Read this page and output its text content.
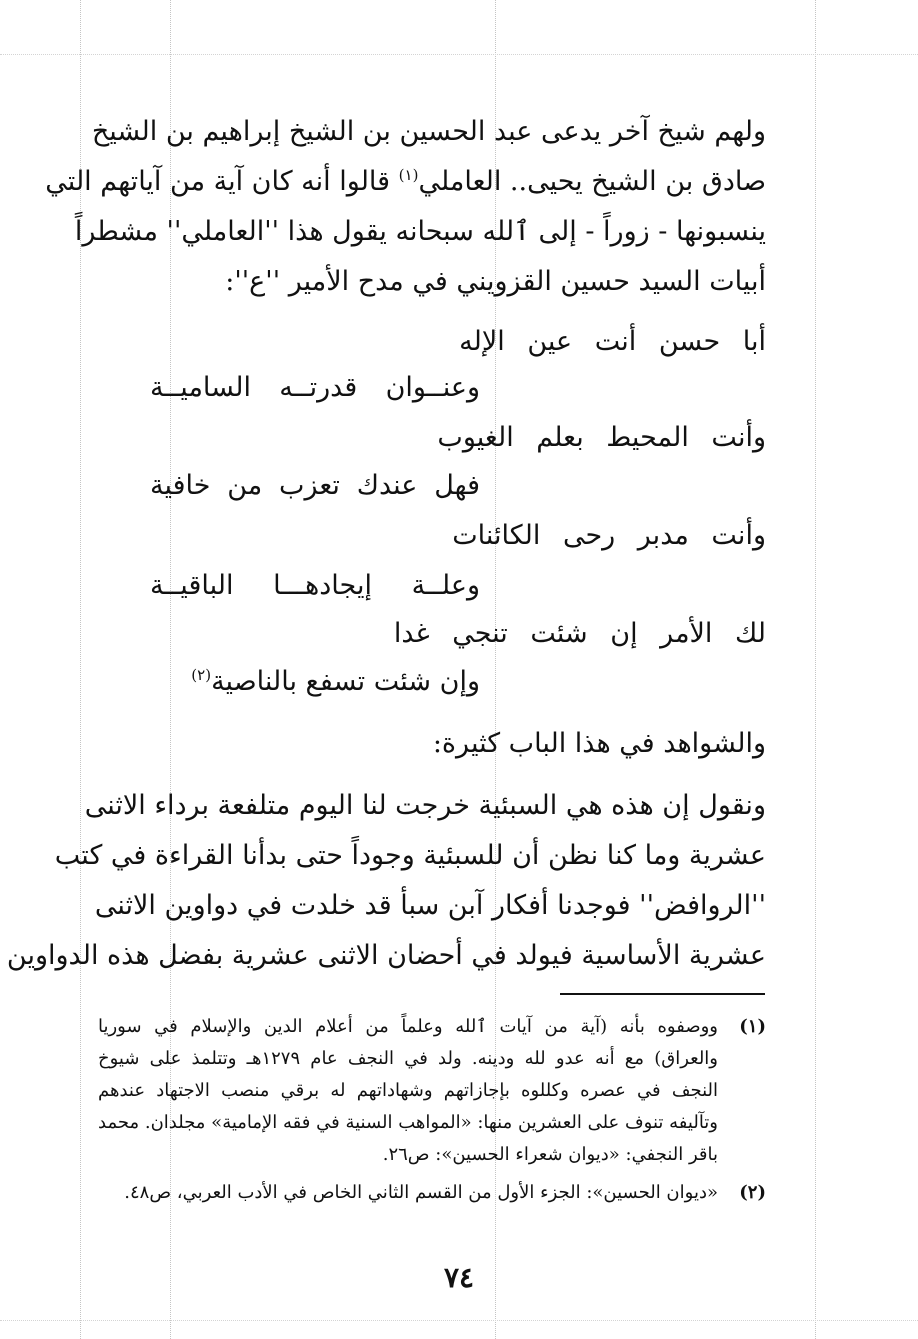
ولهم شيخ آخر يدعى عبد الحسين بن الشيخ إبراهيم بن الشيخ
صادق بن الشيخ يحيى.. العاملي$^{(١)}$ قالوا أنه كان آية من آياتهم التي
ينسبونها - زوراً - إلى ٱلله سبحانه يقول هذا ''العاملي'' مشطراً
أبيات السيد حسين القزويني في مدح الأمير ''ع'':
أبا حسن أنت عين الإله
وعنــوان قدرتــه الساميــة
وأنت المحيط بعلم الغيوب
فهل عندك تعزب من خافية
وأنت مدبر رحى الكائنات
وعلــة إيجادهـــا الباقيــة
لك الأمر إن شئت تنجي غدا
وإن شئت تسفع بالناصية$^{(٢)}$
والشواهد في هذا الباب كثيرة:
ونقول إن هذه هي السبئية خرجت لنا اليوم متلفعة برداء الاثنى
عشرية وما كنا نظن أن للسبئية وجوداً حتى بدأنا القراءة في كتب
''الروافض'' فوجدنا أفكار آبن سبأ قد خلدت في دواوين الاثنى
عشرية الأساسية فيولد في أحضان الاثنى عشرية بفضل هذه الدواوين
(١)
ووصفوه بأنه (آية من آيات ٱلله وعلماً من أعلام الدين والإسلام في سوريا
والعراق) مع أنه عدو لله ودينه. ولد في النجف عام ١٢٧٩هـ وتتلمذ على شيوخ
النجف في عصره وكللوه بإجازاتهم وشهاداتهم له برقي منصب الاجتهاد عندهم
وتآليفه تنوف على العشرين منها: «المواهب السنية في فقه الإمامية» مجلدان. محمد
باقر النجفي: «ديوان شعراء الحسين»: ص٢٦.
(٢)
«ديوان الحسين»: الجزء الأول من القسم الثاني الخاص في الأدب العربي، ص٤٨.
٧٤
